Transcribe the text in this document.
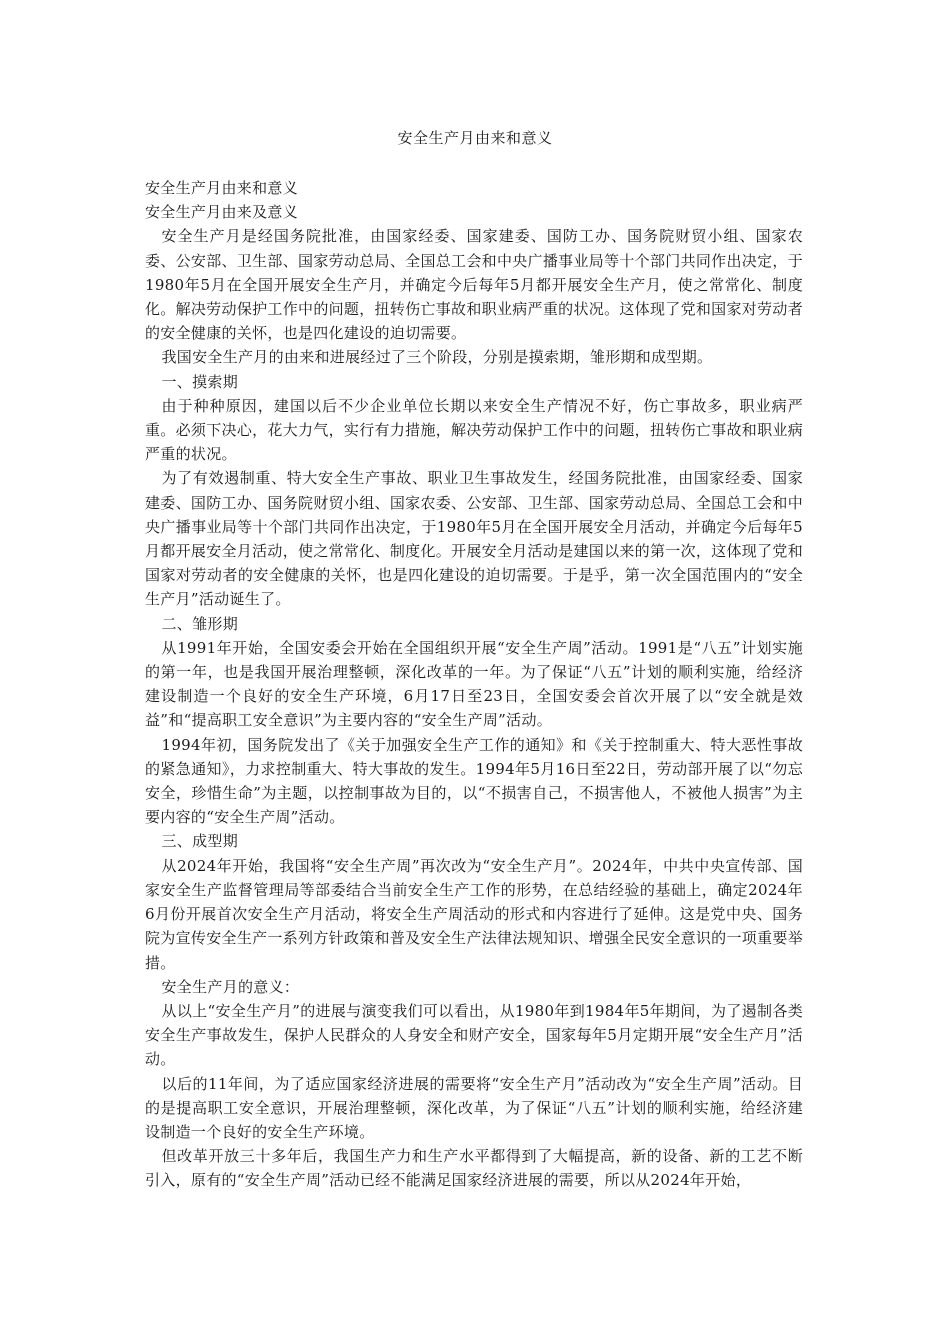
安全生产月由来和意义

安全生产月由来和意义

安全生产月由来及意义

安全生产月是经国务院批准，由国家经委、国家建委、国防工办、国务院财贸小组、国家农委、公安部、卫生部、国家劳动总局、全国总工会和中央广播事业局等十个部门共同作出决定，于1980年5月在全国开展安全生产月，并确定今后每年5月都开展安全生产月，使之常常化、制度化。解决劳动保护工作中的问题，扭转伤亡事故和职业病严重的状况。这体现了党和国家对劳动者的安全健康的关怀，也是四化建设的迫切需要。

我国安全生产月的由来和进展经过了三个阶段，分别是摸索期，雏形期和成型期。

一、摸索期

由于种种原因，建国以后不少企业单位长期以来安全生产情况不好，伤亡事故多，职业病严重。必须下决心，花大力气，实行有力措施，解决劳动保护工作中的问题，扭转伤亡事故和职业病严重的状况。

为了有效遏制重、特大安全生产事故、职业卫生事故发生，经国务院批准，由国家经委、国家建委、国防工办、国务院财贸小组、国家农委、公安部、卫生部、国家劳动总局、全国总工会和中央广播事业局等十个部门共同作出决定，于1980年5月在全国开展安全月活动，并确定今后每年5月都开展安全月活动，使之常常化、制度化。开展安全月活动是建国以来的第一次，这体现了党和国家对劳动者的安全健康的关怀，也是四化建设的迫切需要。于是乎，第一次全国范围内的“安全生产月”活动诞生了。

二、雏形期

从1991年开始，全国安委会开始在全国组织开展“安全生产周”活动。1991是“八五”计划实施的第一年，也是我国开展治理整顿，深化改革的一年。为了保证“八五”计划的顺利实施，给经济建设制造一个良好的安全生产环境，6月17日至23日，全国安委会首次开展了以“安全就是效益”和“提高职工安全意识”为主要内容的“安全生产周”活动。

1994年初，国务院发出了《关于加强安全生产工作的通知》和《关于控制重大、特大恶性事故的紧急通知》，力求控制重大、特大事故的发生。1994年5月16日至22日，劳动部开展了以“勿忘安全，珍惜生命”为主题，以控制事故为目的，以“不损害自己，不损害他人，不被他人损害”为主要内容的“安全生产周”活动。

三、成型期

从2024年开始，我国将“安全生产周”再次改为“安全生产月”。2024年，中共中央宣传部、国家安全生产监督管理局等部委结合当前安全生产工作的形势，在总结经验的基础上，确定2024年6月份开展首次安全生产月活动，将安全生产周活动的形式和内容进行了延伸。这是党中央、国务院为宣传安全生产一系列方针政策和普及安全生产法律法规知识、增强全民安全意识的一项重要举措。

安全生产月的意义：

从以上“安全生产月”的进展与演变我们可以看出，从1980年到1984年5年期间，为了遏制各类安全生产事故发生，保护人民群众的人身安全和财产安全，国家每年5月定期开展“安全生产月”活动。

以后的11年间，为了适应国家经济进展的需要将“安全生产月”活动改为“安全生产周”活动。目的是提高职工安全意识，开展治理整顿，深化改革，为了保证“八五”计划的顺利实施，给经济建设制造一个良好的安全生产环境。

但改革开放三十多年后，我国生产力和生产水平都得到了大幅提高，新的设备、新的工艺不断引入，原有的“安全生产周”活动已经不能满足国家经济进展的需要，所以从2024年开始，
